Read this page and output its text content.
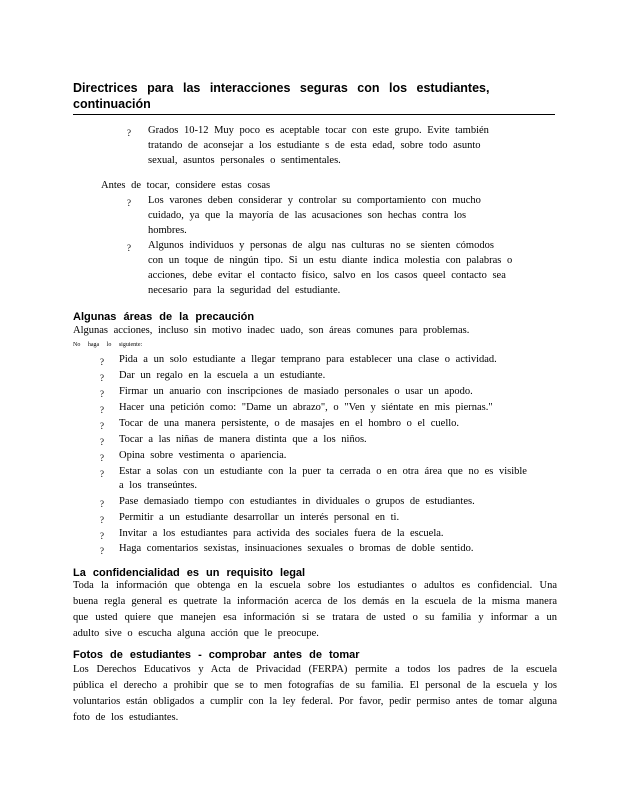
Directrices para las interacciones seguras con los estudiantes, continuación
? Grados 10-12 Muy poco es aceptable tocar con este grupo. Evite también
tratando de aconsejar a los estudiante s de esta edad, sobre todo asunto
sexual, asuntos personales o sentimentales.
Antes de tocar, considere estas cosas
? Los varones deben considerar y controlar su comportamiento con mucho
cuidado, ya que la mayoría de las acusaciones son hechas contra los
hombres.
? Algunos individuos y personas de algu nas culturas no se sienten cómodos
con un toque de ningún tipo. Si un estu diante indica molestia con palabras o
acciones, debe evitar el contacto físico, salvo en los casos queel contacto sea
necesario para la seguridad del estudiante.
Algunas áreas de la precaución
Algunas acciones, incluso sin motivo inadec uado, son áreas comunes para problemas.
No haga lo siguiente:
? Pida a un solo estudiante a llegar temprano para establecer una clase o actividad.
? Dar un regalo en la escuela a un estudiante.
? Firmar un anuario con inscripciones de masiado personales o usar un apodo.
? Hacer una petición como: "Dame un abrazo", o "Ven y siéntate en mis piernas."
? Tocar de una manera persistente, o de masajes en el hombro o el cuello.
? Tocar a las niñas de manera distinta que a los niños.
? Opina sobre vestimenta o apariencia.
? Estar a solas con un estudiante con la puer ta cerrada o en otra área que no es visible
a los transeúntes.
? Pase demasiado tiempo con estudiantes in dividuales o grupos de estudiantes.
? Permitir a un estudiante desarrollar un interés personal en ti.
? Invitar a los estudiantes para activida des sociales fuera de la escuela.
? Haga comentarios sexistas, insinuaciones sexuales o bromas de doble sentido.
La confidencialidad es un requisito legal
Toda la información que obtenga en la escuela sobre los estudiantes o adultos es confidencial. Una buena regla general es quetrate la información acerca de los demás en la escuela de la misma manera que usted quiere que manejen esa información si se tratara de usted o su familia y informar a un adulto sive o escucha alguna acción que le preocupe.
Fotos de estudiantes - comprobar antes de tomar
Los Derechos Educativos y Acta de Privacidad (FERPA) permite a todos los padres de la escuela pública el derecho a prohibir que se to men fotografías de su familia. El personal de la escuela y los voluntarios están obligados a cumplir con la ley federal. Por favor, pedir permiso antes de tomar alguna foto de los estudiantes.
